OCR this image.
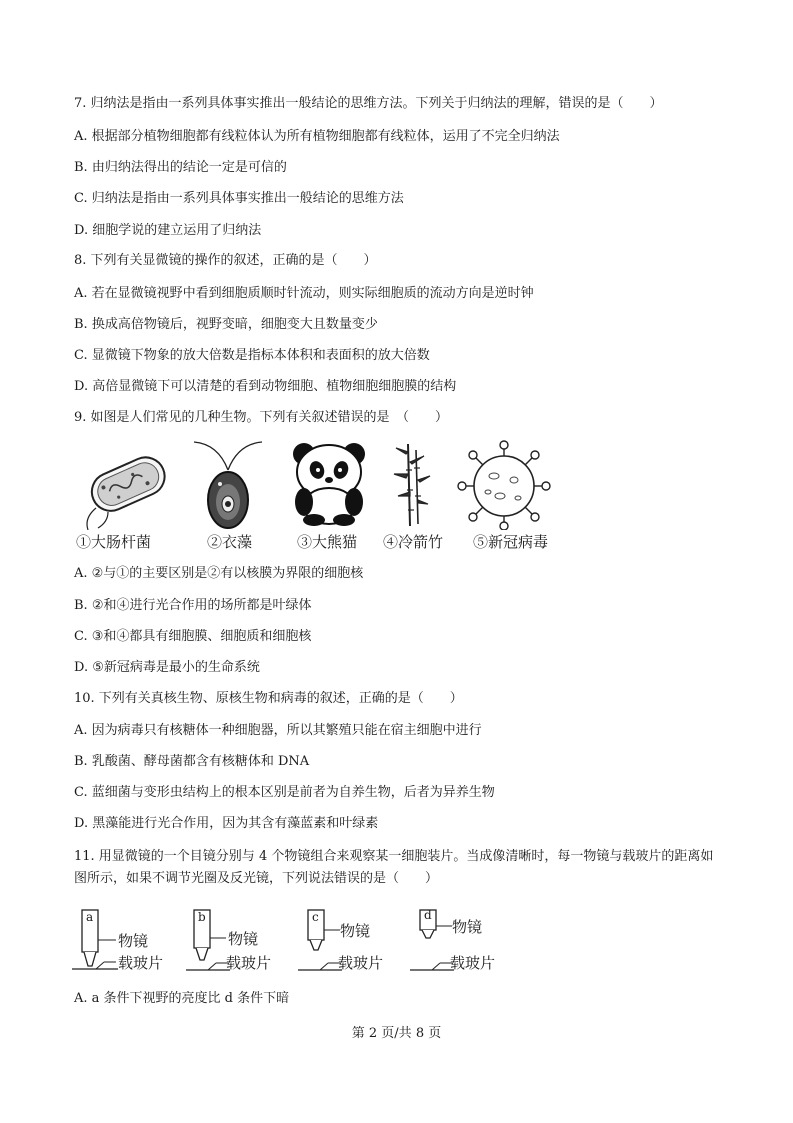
7. 归纳法是指由一系列具体事实推出一般结论的思维方法。下列关于归纳法的理解，错误的是（　　）
A. 根据部分植物细胞都有线粒体认为所有植物细胞都有线粒体，运用了不完全归纳法
B. 由归纳法得出的结论一定是可信的
C. 归纳法是指由一系列具体事实推出一般结论的思维方法
D. 细胞学说的建立运用了归纳法
8. 下列有关显微镜的操作的叙述，正确的是（　　）
A. 若在显微镜视野中看到细胞质顺时针流动，则实际细胞质的流动方向是逆时钟
B. 换成高倍物镜后，视野变暗，细胞变大且数量变少
C. 显微镜下物象的放大倍数是指标本体积和表面积的放大倍数
D. 高倍显微镜下可以清楚的看到动物细胞、植物细胞细胞膜的结构
9. 如图是人们常见的几种生物。下列有关叙述错误的是　（　　）
①大肠杆菌	②衣藻	③大熊猫 ④冷箭竹 ⑤新冠病毒
A. ②与①的主要区别是②有以核膜为界限的细胞核
B. ②和④进行光合作用的场所都是叶绿体
C. ③和④都具有细胞膜、细胞质和细胞核
D. ⑤新冠病毒是最小的生命系统
10. 下列有关真核生物、原核生物和病毒的叙述，正确的是（　　）
A. 因为病毒只有核糖体一种细胞器，所以其繁殖只能在宿主细胞中进行
B. 乳酸菌、酵母菌都含有核糖体和 DNA
C. 蓝细菌与变形虫结构上的根本区别是前者为自养生物，后者为异养生物
D. 黑藻能进行光合作用，因为其含有藻蓝素和叶绿素
11. 用显微镜的一个目镜分别与 4 个物镜组合来观察某一细胞装片。当成像清晰时，每一物镜与载玻片的距离如图所示，如果不调节光圈及反光镜，下列说法错误的是（　　）
a
物镜
载玻片
b
物镜
载玻片
c
物镜
载玻片
d
物镜
载玻片
A. a 条件下视野的亮度比 d 条件下暗
第 2 页/共 8 页
